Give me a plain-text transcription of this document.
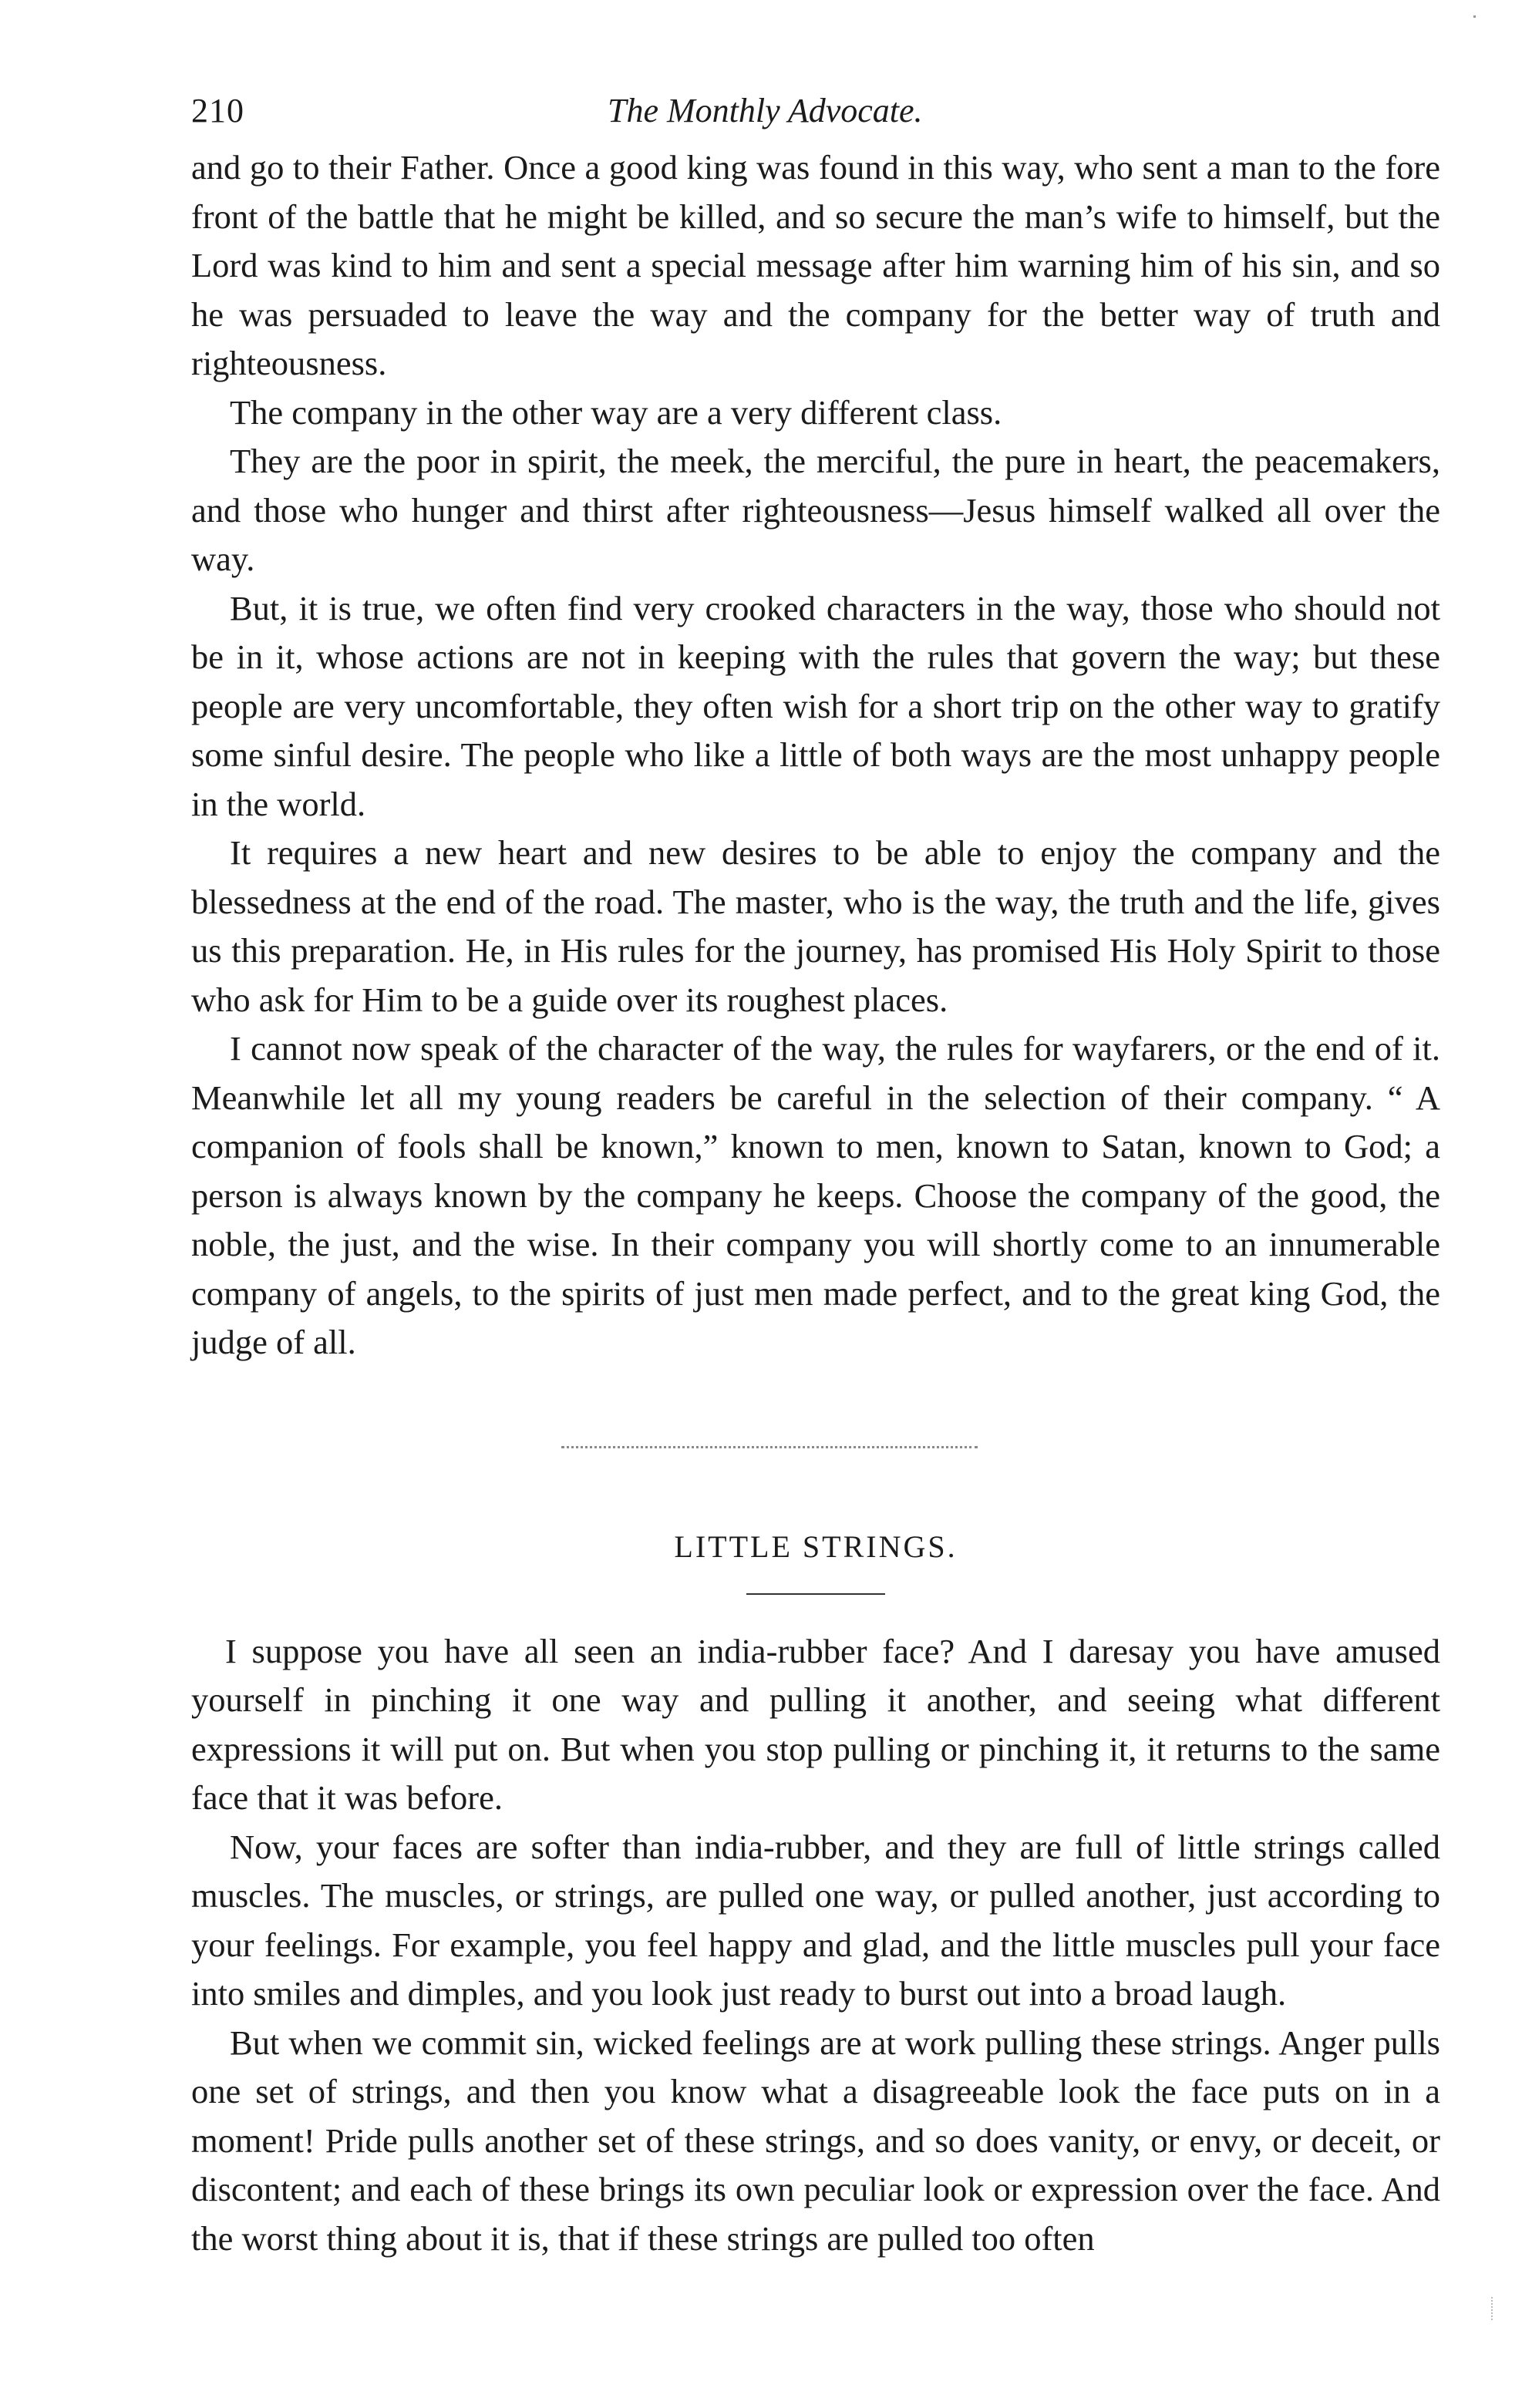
210	The Monthly Advocate.

and go to their Father. Once a good king was found in this way, who sent a man to the fore front of the battle that he might be killed, and so secure the man’s wife to himself, but the Lord was kind to him and sent a special message after him warning him of his sin, and so he was persuaded to leave the way and the company for the better way of truth and righteousness.

The company in the other way are a very different class.

They are the poor in spirit, the meek, the merciful, the pure in heart, the peacemakers, and those who hunger and thirst after righteousness—Jesus himself walked all over the way.

But, it is true, we often find very crooked characters in the way, those who should not be in it, whose actions are not in keeping with the rules that govern the way; but these people are very uncomfortable, they often wish for a short trip on the other way to gratify some sinful desire. The people who like a little of both ways are the most unhappy people in the world.

It requires a new heart and new desires to be able to enjoy the company and the blessedness at the end of the road. The master, who is the way, the truth and the life, gives us this preparation. He, in His rules for the journey, has promised His Holy Spirit to those who ask for Him to be a guide over its roughest places.

I cannot now speak of the character of the way, the rules for wayfarers, or the end of it. Meanwhile let all my young readers be careful in the selection of their company. “ A companion of fools shall be known,” known to men, known to Satan, known to God; a person is always known by the company he keeps. Choose the company of the good, the noble, the just, and the wise. In their company you will shortly come to an innumerable company of angels, to the spirits of just men made perfect, and to the great king God, the judge of all.

LITTLE STRINGS.

I suppose you have all seen an india-rubber face? And I daresay you have amused yourself in pinching it one way and pulling it another, and seeing what different expressions it will put on. But when you stop pulling or pinching it, it returns to the same face that it was before.

Now, your faces are softer than india-rubber, and they are full of little strings called muscles. The muscles, or strings, are pulled one way, or pulled another, just according to your feelings. For example, you feel happy and glad, and the little muscles pull your face into smiles and dimples, and you look just ready to burst out into a broad laugh.

But when we commit sin, wicked feelings are at work pulling these strings. Anger pulls one set of strings, and then you know what a disagreeable look the face puts on in a moment! Pride pulls another set of these strings, and so does vanity, or envy, or deceit, or discontent; and each of these brings its own peculiar look or expression over the face. And the worst thing about it is, that if these strings are pulled too often
